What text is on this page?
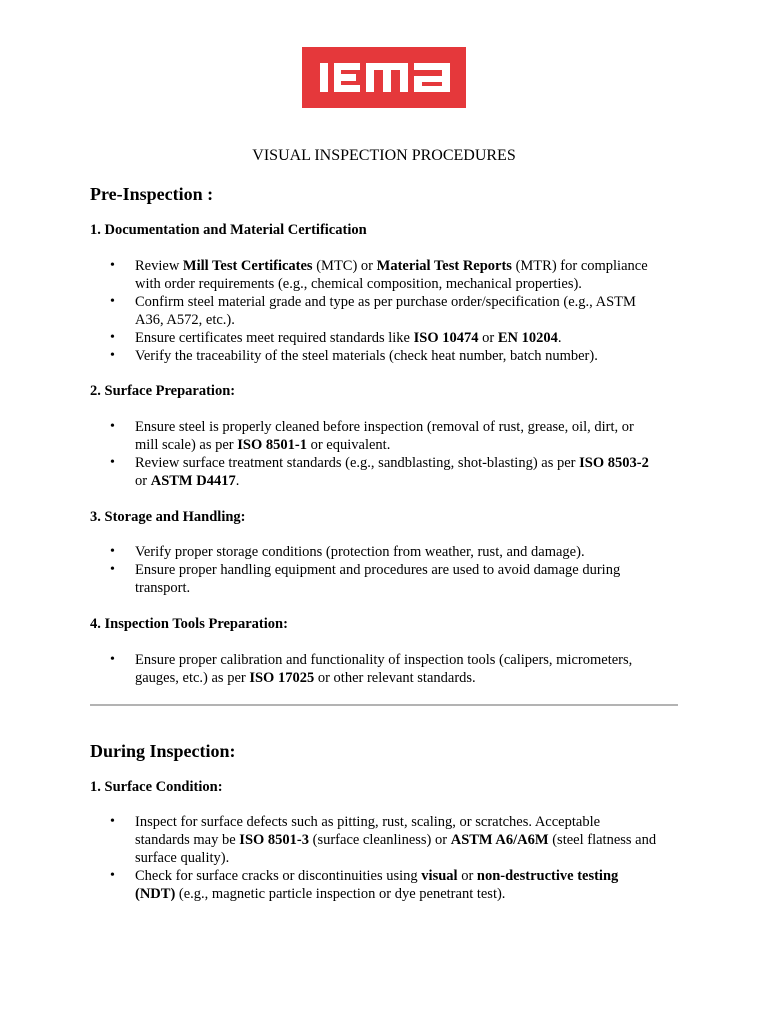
VISUAL INSPECTION PROCEDURES
Pre-Inspection :
1. Documentation and Material Certification
• Review Mill Test Certificates (MTC) or Material Test Reports (MTR) for compliance
with order requirements (e.g., chemical composition, mechanical properties).
• Confirm steel material grade and type as per purchase order/specification (e.g., ASTM
A36, A572, etc.).
• Ensure certificates meet required standards like ISO 10474 or EN 10204.
• Verify the traceability of the steel materials (check heat number, batch number).
2. Surface Preparation:
• Ensure steel is properly cleaned before inspection (removal of rust, grease, oil, dirt, or
mill scale) as per ISO 8501-1 or equivalent.
• Review surface treatment standards (e.g., sandblasting, shot-blasting) as per ISO 8503-2
or ASTM D4417.
3. Storage and Handling:
• Verify proper storage conditions (protection from weather, rust, and damage).
• Ensure proper handling equipment and procedures are used to avoid damage during
transport.
4. Inspection Tools Preparation:
• Ensure proper calibration and functionality of inspection tools (calipers, micrometers,
gauges, etc.) as per ISO 17025 or other relevant standards.
During Inspection:
1. Surface Condition:
• Inspect for surface defects such as pitting, rust, scaling, or scratches. Acceptable
standards may be ISO 8501-3 (surface cleanliness) or ASTM A6/A6M (steel flatness and
surface quality).
• Check for surface cracks or discontinuities using visual or non-destructive testing
(NDT) (e.g., magnetic particle inspection or dye penetrant test).
